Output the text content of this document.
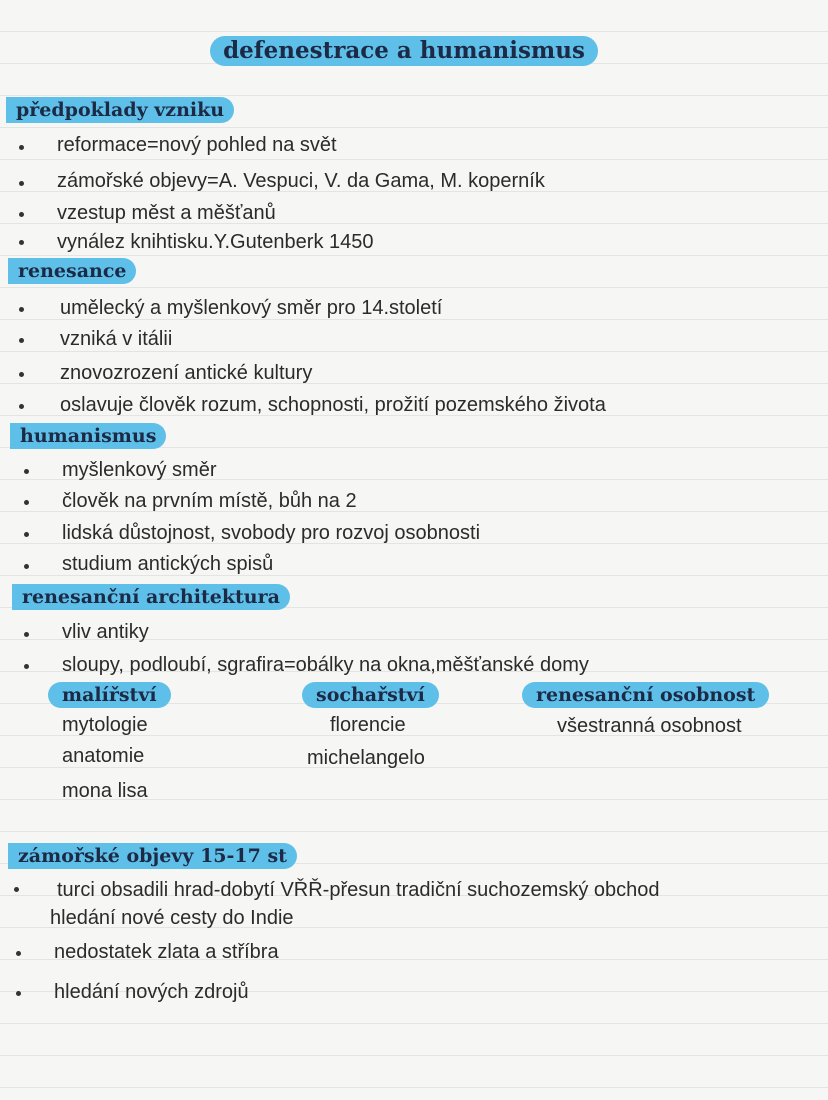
defenestrace a humanismus
předpoklady vzniku
reformace=nový pohled na svět
zámořské objevy=A. Vespuci, V. da Gama, M. koperník
vzestup měst a měšťanů
vynález knihtisku.Y.Gutenberk 1450
renesance
umělecký a myšlenkový směr pro 14.století
vzniká v itálii
znovozrození antické kultury
oslavuje člověk rozum, schopnosti, prožití pozemského života
humanismus
myšlenkový směr
člověk na prvním místě, bůh na 2
lidská důstojnost, svobody pro rozvoj osobnosti
studium antických spisů
renesanční architektura
vliv antiky
sloupy, podloubí, sgrafira=obálky na okna,měšťanské domy
malířství
mytologie
anatomie
mona lisa
sochařství
florencie
michelangelo
renesanční osobnost
všestranná osobnost
zámořské objevy 15-17 st
turci obsadili hrad-dobytí VŘŘ-přesun tradiční suchozemský obchod
hledání nové cesty do Indie
nedostatek zlata a stříbra
hledání nových zdrojů
